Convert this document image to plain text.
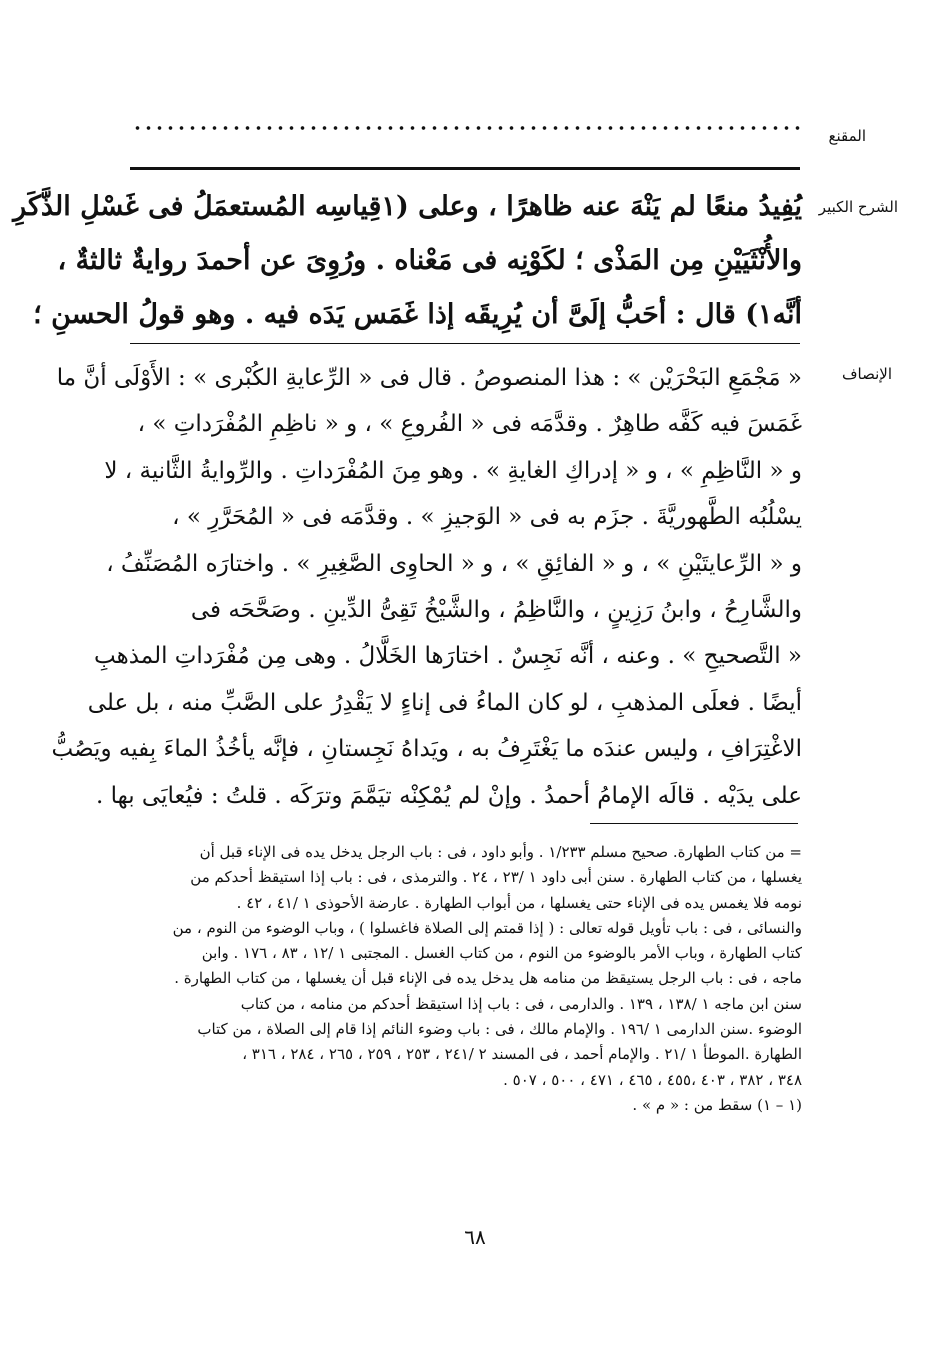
المقنع
الشرح الكبير
يُفِيدُ منعًا لم يَنْهَ عنه ظاهرًا ، وعلى (١قِياسِه المُستعمَلُ فى غَسْلِ الذَّكَرِ
والأُنْثَيَيْنِ مِن المَذْى ؛ لكَوْنِه فى مَعْناه . ورُوِىَ عن أحمدَ روايةٌ ثالثةٌ ،
أنَّه١) قال : أحَبُّ إلَىَّ أن يُرِيقَه إذا غَمَس يَدَه فيه . وهو قولُ الحسنِ ؛
الإنصاف
« مَجْمَعِ البَحْرَيْن » : هذا المنصوصُ . قال فى « الرِّعايةِ الكُبْرى » : الأَوْلَى أنَّ ما
غَمَسَ فيه كَفَّه طاهِرٌ . وقدَّمَه فى « الفُروعِ » ، و « ناظِمِ المُفْرَداتِ » ،
و « النَّاظِمِ » ، و « إدراكِ الغايةِ » . وهو مِنَ المُفْرَداتِ . والرِّوايةُ الثَّانية ، لا
يسْلُبُه الطَّهوريَّةَ . جزَم به فى « الوَجيزِ » . وقدَّمَه فى « المُحَرَّرِ » ،
و « الرِّعايتَيْنِ » ، و « الفائِقِ » ، و « الحاوِى الصَّغِيرِ » . واختارَه المُصَنِّفُ ،
والشَّارِحُ ، وابنُ رَزِينٍ ، والنَّاظِمُ ، والشَّيْخُ تَقِىُّ الدِّينِ . وصَحَّحَه فى
« التَّصحيحِ » . وعنه ، أنَّه نَجِسٌ . اختارَها الخَلَّالُ . وهى مِن مُفْرَداتِ المذهبِ
أيضًا . فعلَى المذهبِ ، لو كان الماءُ فى إناءٍ لا يَقْدِرُ على الصَّبِّ منه ، بل على
الاغْتِرَافِ ، وليس عندَه ما يَغْتَرِفُ به ، ويَداهُ نَجِستانِ ، فإنَّه يأخُذُ الماءَ بِفيه ويَصُبُّ
على يدَيْه . قالَه الإمامُ أحمدُ . وإنْ لم يُمْكِنْه تيَمَّمَ وترَكَه . قلتُ : فيُعايَى بها .
= من كتاب الطهارة. صحيح مسلم ١/٢٣٣ . وأبو داود ، فى : باب الرجل يدخل يده فى الإناء قبل أن
يغسلها ، من كتاب الطهارة . سنن أبى داود ١ /٢٣ ، ٢٤ . والترمذى ، فى : باب إذا استيقظ أحدكم من
نومه فلا يغمس يده فى الإناء حتى يغسلها ، من أبواب الطهارة . عارضة الأحوذى ١ /٤١ ، ٤٢ .
والنسائى ، فى : باب تأويل قوله تعالى : ( إذا قمتم إلى الصلاة فاغسلوا ) ، وباب الوضوء من النوم ، من
كتاب الطهارة ، وباب الأمر بالوضوء من النوم ، من كتاب الغسل . المجتبى ١ /١٢ ، ٨٣ ، ١٧٦ . وابن
ماجه ، فى : باب الرجل يستيقظ من منامه هل يدخل يده فى الإناء قبل أن يغسلها ، من كتاب الطهارة .
سنن ابن ماجه ١ /١٣٨ ، ١٣٩ . والدارمى ، فى : باب إذا استيقظ أحدكم من منامه ، من كتاب
الوضوء .سنن الدارمى ١ /١٩٦ . والإمام مالك ، فى : باب وضوء النائم إذا قام إلى الصلاة ، من كتاب
الطهارة .الموطأ ١ /٢١ . والإمام أحمد ، فى المسند ٢ /٢٤١ ، ٢٥٣ ، ٢٥٩ ، ٢٦٥ ، ٢٨٤ ، ٣١٦ ،
٣٤٨ ، ٣٨٢ ، ٤٠٣ ،٤٥٥ ، ٤٦٥ ، ٤٧١ ، ٥٠٠ ، ٥٠٧ .
(١ – ١) سقط من : « م » .
٦٨
